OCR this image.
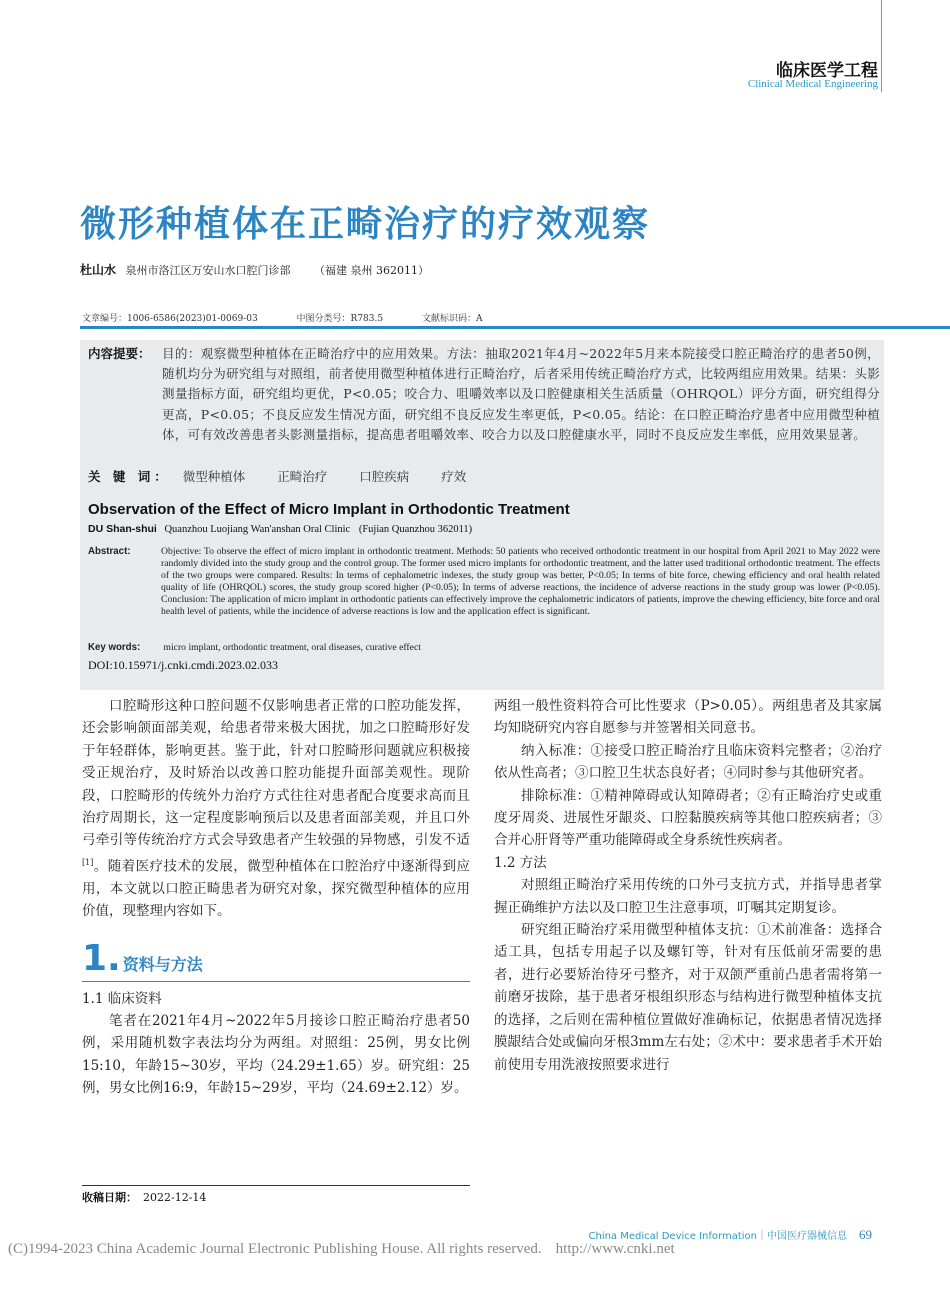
临床医学工程
Clinical Medical Engineering
微形种植体在正畸治疗的疗效观察
杜山水 泉州市洛江区万安山水口腔门诊部 （福建 泉州 362011）
文章编号：1006-6586(2023)01-0069-03	中图分类号：R783.5	文献标识码：A
内容提要： 目的：观察微型种植体在正畸治疗中的应用效果。方法：抽取2021年4月~2022年5月来本院接受口腔正畸治疗的患者50例，随机均分为研究组与对照组，前者使用微型种植体进行正畸治疗，后者采用传统正畸治疗方式，比较两组应用效果。结果：头影测量指标方面，研究组均更优，P<0.05；咬合力、咀嚼效率以及口腔健康相关生活质量（OHRQOL）评分方面，研究组得分更高，P<0.05；不良反应发生情况方面，研究组不良反应发生率更低，P<0.05。结论：在口腔正畸治疗患者中应用微型种植体，可有效改善患者头影测量指标，提高患者咀嚼效率、咬合力以及口腔健康水平，同时不良反应发生率低，应用效果显著。
关 键 词： 微型种植体	正畸治疗	口腔疾病	疗效
Observation of the Effect of Micro Implant in Orthodontic Treatment
DU Shan-shui Quanzhou Luojiang Wan'anshan Oral Clinic (Fujian Quanzhou 362011)
Abstract:	Objective: To observe the effect of micro implant in orthodontic treatment. Methods: 50 patients who received orthodontic treatment in our hospital from April 2021 to May 2022 were randomly divided into the study group and the control group. The former used micro implants for orthodontic treatment, and the latter used traditional orthodontic treatment. The effects of the two groups were compared. Results: In terms of cephalometric indexes, the study group was better, P<0.05; In terms of bite force, chewing efficiency and oral health related quality of life (OHRQOL) scores, the study group scored higher (P<0.05); In terms of adverse reactions, the incidence of adverse reactions in the study group was lower (P<0.05). Conclusion: The application of micro implant in orthodontic patients can effectively improve the cephalometric indicators of patients, improve the chewing efficiency, bite force and oral health level of patients, while the incidence of adverse reactions is low and the application effect is significant.
Key words: micro implant, orthodontic treatment, oral diseases, curative effect
DOI:10.15971/j.cnki.cmdi.2023.02.033

口腔畸形这种口腔问题不仅影响患者正常的口腔功能发挥，还会影响颌面部美观，给患者带来极大困扰，加之口腔畸形好发于年轻群体，影响更甚。鉴于此，针对口腔畸形问题就应积极接受正规治疗，及时矫治以改善口腔功能提升面部美观性。现阶段，口腔畸形的传统外力治疗方式往往对患者配合度要求高而且治疗周期长，这一定程度影响预后以及患者面部美观，并且口外弓牵引等传统治疗方式会导致患者产生较强的异物感，引发不适[1]。随着医疗技术的发展，微型种植体在口腔治疗中逐渐得到应用，本文就以口腔正畸患者为研究对象，探究微型种植体的应用价值，现整理内容如下。

1. 资料与方法

1.1 临床资料

笔者在2021年4月~2022年5月接诊口腔正畸治疗患者50例，采用随机数字表法均分为两组。对照组：25例，男女比例15:10，年龄15~30岁，平均（24.29±1.65）岁。研究组：25例，男女比例16:9，年龄15~29岁，平均（24.69±2.12）岁。

收稿日期： 2022-12-14

两组一般性资料符合可比性要求（P>0.05）。两组患者及其家属均知晓研究内容自愿参与并签署相关同意书。

纳入标准：①接受口腔正畸治疗且临床资料完整者；②治疗依从性高者；③口腔卫生状态良好者；④同时参与其他研究者。

排除标准：①精神障碍或认知障碍者；②有正畸治疗史或重度牙周炎、进展性牙龈炎、口腔黏膜疾病等其他口腔疾病者；③合并心肝肾等严重功能障碍或全身系统性疾病者。

1.2 方法

对照组正畸治疗采用传统的口外弓支抗方式，并指导患者掌握正确维护方法以及口腔卫生注意事项，叮嘱其定期复诊。

研究组正畸治疗采用微型种植体支抗：①术前准备：选择合适工具，包括专用起子以及螺钉等，针对有压低前牙需要的患者，进行必要矫治待牙弓整齐，对于双颌严重前凸患者需将第一前磨牙拔除，基于患者牙根组织形态与结构进行微型种植体支抗的选择，之后则在需种植位置做好准确标记，依据患者情况选择膜龈结合处或偏向牙根3mm左右处；②术中：要求患者手术开始前使用专用洗液按照要求进行

China Medical Device Information｜中国医疗器械信息 69
(C)1994-2023 China Academic Journal Electronic Publishing House. All rights reserved. http://www.cnki.net
